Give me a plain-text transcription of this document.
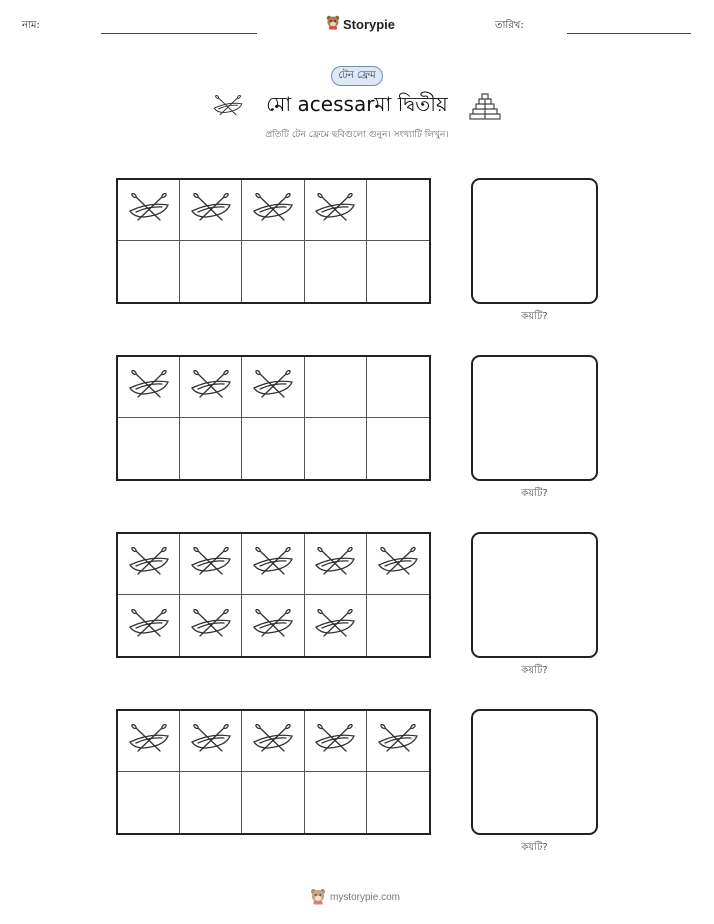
নাম:	Storypie	তারিখ:
টেন ফ্রেম
মো acessarমা দ্বিতীয়
প্রতিটি টেন ফ্রেমে ছবিগুলো গুনুন। সংখ্যাটি লিখুন।
কয়টি?
কয়টি?
কয়টি?
কয়টি?
mystorypie.com
